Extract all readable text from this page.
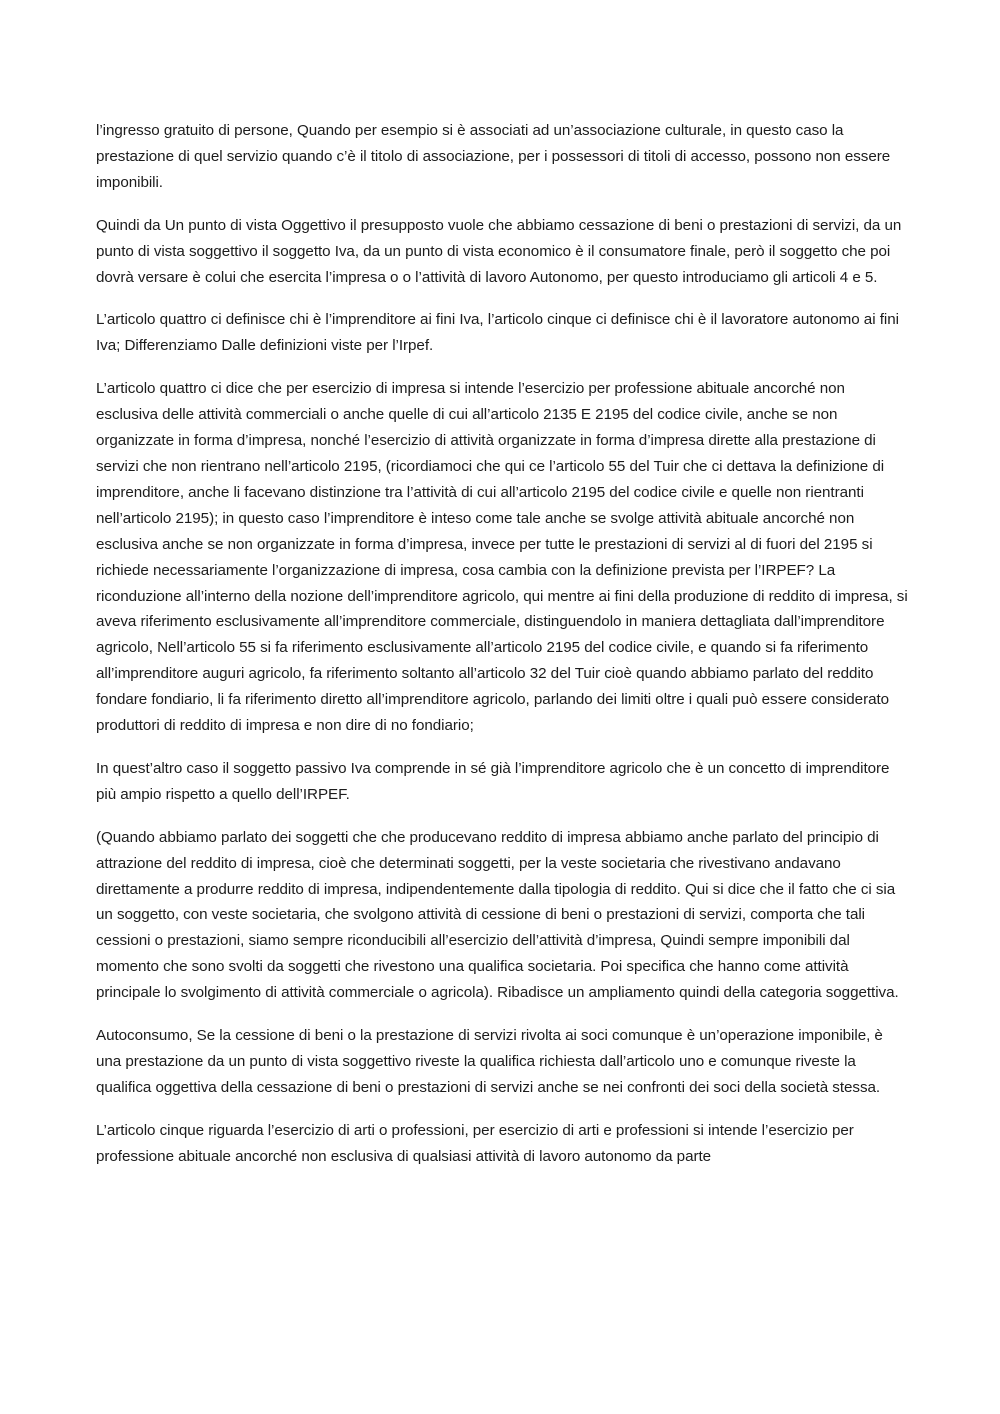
l’ingresso gratuito di persone, Quando per esempio si è associati ad un’associazione culturale, in questo caso la prestazione di quel servizio quando c’è il titolo di associazione, per i possessori di titoli di accesso, possono non essere imponibili.

Quindi da Un punto di vista Oggettivo il presupposto vuole che abbiamo cessazione di beni o prestazioni di servizi, da un punto di vista soggettivo il soggetto Iva, da un punto di vista economico è il consumatore finale, però il soggetto che poi dovrà versare è colui che esercita l’impresa o o l’attività di lavoro Autonomo, per questo introduciamo gli articoli 4 e 5.

L’articolo quattro ci definisce chi è l’imprenditore ai fini Iva, l’articolo cinque ci definisce chi è il lavoratore autonomo ai fini Iva; Differenziamo Dalle definizioni viste per l’Irpef.

L’articolo quattro ci dice che per esercizio di impresa si intende l’esercizio per professione abituale ancorché non esclusiva delle attività commerciali o anche quelle di cui all’articolo 2135 E 2195 del codice civile, anche se non organizzate in forma d’impresa, nonché l’esercizio di attività organizzate in forma d’impresa dirette alla prestazione di servizi che non rientrano nell’articolo 2195, (ricordiamoci che qui ce l’articolo 55 del Tuir che ci dettava la definizione di imprenditore, anche li facevano distinzione tra l’attività di cui all’articolo 2195 del codice civile e quelle non rientranti nell’articolo 2195); in questo caso l’imprenditore è inteso come tale anche se svolge attività abituale ancorché non esclusiva anche se non organizzate in forma d’impresa, invece per tutte le prestazioni di servizi al di fuori del 2195 si richiede necessariamente l’organizzazione di impresa, cosa cambia con la definizione prevista per l’IRPEF? La riconduzione all’interno della nozione dell’imprenditore agricolo, qui mentre ai fini della produzione di reddito di impresa, si aveva riferimento esclusivamente all’imprenditore commerciale, distinguendolo in maniera dettagliata dall’imprenditore agricolo, Nell’articolo 55 si fa riferimento esclusivamente all’articolo 2195 del codice civile, e quando si fa riferimento all’imprenditore auguri agricolo, fa riferimento soltanto all’articolo 32 del Tuir cioè quando abbiamo parlato del reddito fondare fondiario, li fa riferimento diretto all’imprenditore agricolo, parlando dei limiti oltre i quali può essere considerato produttori di reddito di impresa e non dire di no fondiario;

In quest’altro caso il soggetto passivo Iva comprende in sé già l’imprenditore agricolo che è un concetto di imprenditore più ampio rispetto a quello dell’IRPEF.

(Quando abbiamo parlato dei soggetti che che producevano reddito di impresa abbiamo anche parlato del principio di attrazione del reddito di impresa, cioè che determinati soggetti, per la veste societaria che rivestivano andavano direttamente a produrre reddito di impresa, indipendentemente dalla tipologia di reddito. Qui si dice che il fatto che ci sia un soggetto, con veste societaria, che svolgono attività di cessione di beni o prestazioni di servizi, comporta che tali cessioni o prestazioni, siamo sempre riconducibili all’esercizio dell’attività d’impresa, Quindi sempre imponibili dal momento che sono svolti da soggetti che rivestono una qualifica societaria. Poi specifica che hanno come attività principale lo svolgimento di attività commerciale o agricola). Ribadisce un ampliamento quindi della categoria soggettiva.

Autoconsumo, Se la cessione di beni o la prestazione di servizi rivolta ai soci comunque è un’operazione imponibile, è una prestazione da un punto di vista soggettivo riveste la qualifica richiesta dall’articolo uno e comunque riveste la qualifica oggettiva della cessazione di beni o prestazioni di servizi anche se nei confronti dei soci della società stessa.

L’articolo cinque riguarda l’esercizio di arti o professioni, per esercizio di arti e professioni si intende l’esercizio per professione abituale ancorché non esclusiva di qualsiasi attività di lavoro autonomo da parte
